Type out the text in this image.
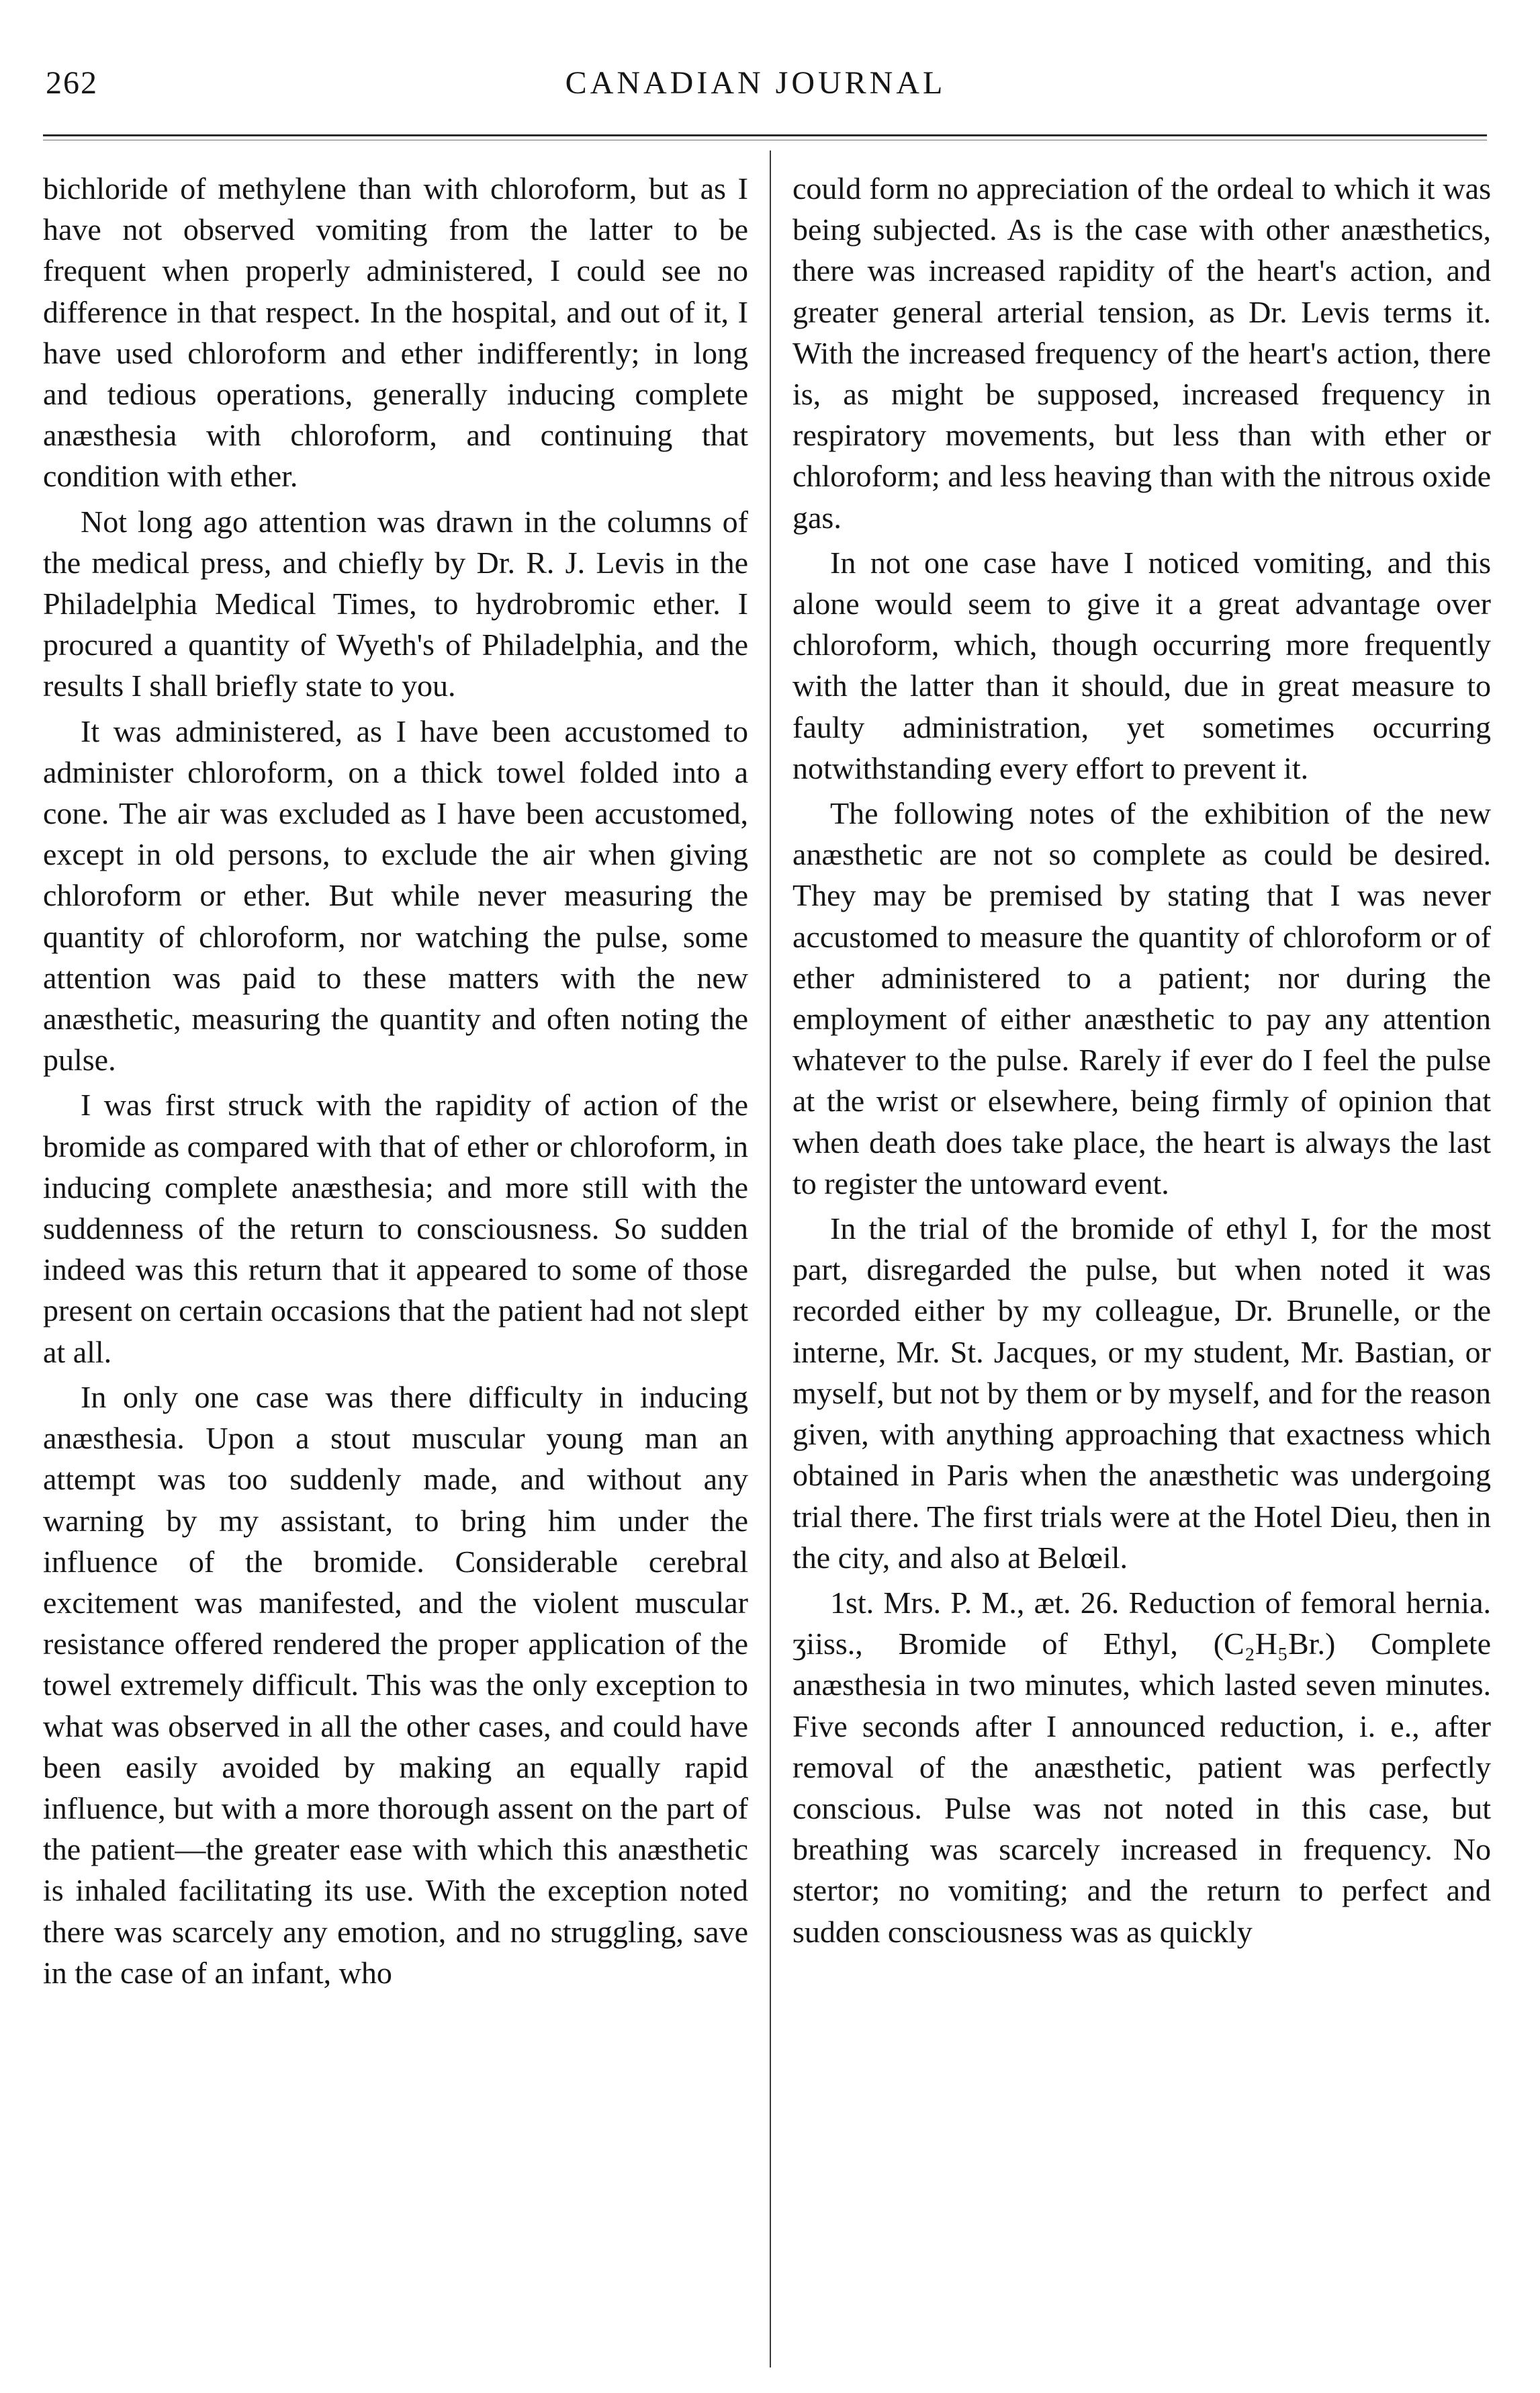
262	CANADIAN JOURNAL

bichloride of methylene than with chloroform, but as I have not observed vomiting from the latter to be frequent when properly administered, I could see no difference in that respect. In the hospital, and out of it, I have used chloroform and ether indifferently; in long and tedious operations, generally inducing complete anæsthesia with chloroform, and continuing that condition with ether.

Not long ago attention was drawn in the columns of the medical press, and chiefly by Dr. R. J. Levis in the Philadelphia Medical Times, to hydrobromic ether. I procured a quantity of Wyeth's of Philadelphia, and the results I shall briefly state to you.

It was administered, as I have been accustomed to administer chloroform, on a thick towel folded into a cone. The air was excluded as I have been accustomed, except in old persons, to exclude the air when giving chloroform or ether. But while never measuring the quantity of chloroform, nor watching the pulse, some attention was paid to these matters with the new anæsthetic, measuring the quantity and often noting the pulse.

I was first struck with the rapidity of action of the bromide as compared with that of ether or chloroform, in inducing complete anæsthesia; and more still with the suddenness of the return to consciousness. So sudden indeed was this return that it appeared to some of those present on certain occasions that the patient had not slept at all.

In only one case was there difficulty in inducing anæsthesia. Upon a stout muscular young man an attempt was too suddenly made, and without any warning by my assistant, to bring him under the influence of the bromide. Considerable cerebral excitement was manifested, and the violent muscular resistance offered rendered the proper application of the towel extremely difficult. This was the only exception to what was observed in all the other cases, and could have been easily avoided by making an equally rapid influence, but with a more thorough assent on the part of the patient—the greater ease with which this anæsthetic is inhaled facilitating its use. With the exception noted there was scarcely any emotion, and no struggling, save in the case of an infant, who

could form no appreciation of the ordeal to which it was being subjected. As is the case with other anæsthetics, there was increased rapidity of the heart's action, and greater general arterial tension, as Dr. Levis terms it. With the increased frequency of the heart's action, there is, as might be supposed, increased frequency in respiratory movements, but less than with ether or chloroform; and less heaving than with the nitrous oxide gas.

In not one case have I noticed vomiting, and this alone would seem to give it a great advantage over chloroform, which, though occurring more frequently with the latter than it should, due in great measure to faulty administration, yet sometimes occurring notwithstanding every effort to prevent it.

The following notes of the exhibition of the new anæsthetic are not so complete as could be desired. They may be premised by stating that I was never accustomed to measure the quantity of chloroform or of ether administered to a patient; nor during the employment of either anæsthetic to pay any attention whatever to the pulse. Rarely if ever do I feel the pulse at the wrist or elsewhere, being firmly of opinion that when death does take place, the heart is always the last to register the untoward event.

In the trial of the bromide of ethyl I, for the most part, disregarded the pulse, but when noted it was recorded either by my colleague, Dr. Brunelle, or the interne, Mr. St. Jacques, or my student, Mr. Bastian, or myself, but not by them or by myself, and for the reason given, with anything approaching that exactness which obtained in Paris when the anæsthetic was undergoing trial there. The first trials were at the Hotel Dieu, then in the city, and also at Belœil.

1st. Mrs. P. M., æt. 26. Reduction of femoral hernia. ʒiiss., Bromide of Ethyl, (C₂H₅Br.) Complete anæsthesia in two minutes, which lasted seven minutes. Five seconds after I announced reduction, i. e., after removal of the anæsthetic, patient was perfectly conscious. Pulse was not noted in this case, but breathing was scarcely increased in frequency. No stertor; no vomiting; and the return to perfect and sudden consciousness was as quickly
